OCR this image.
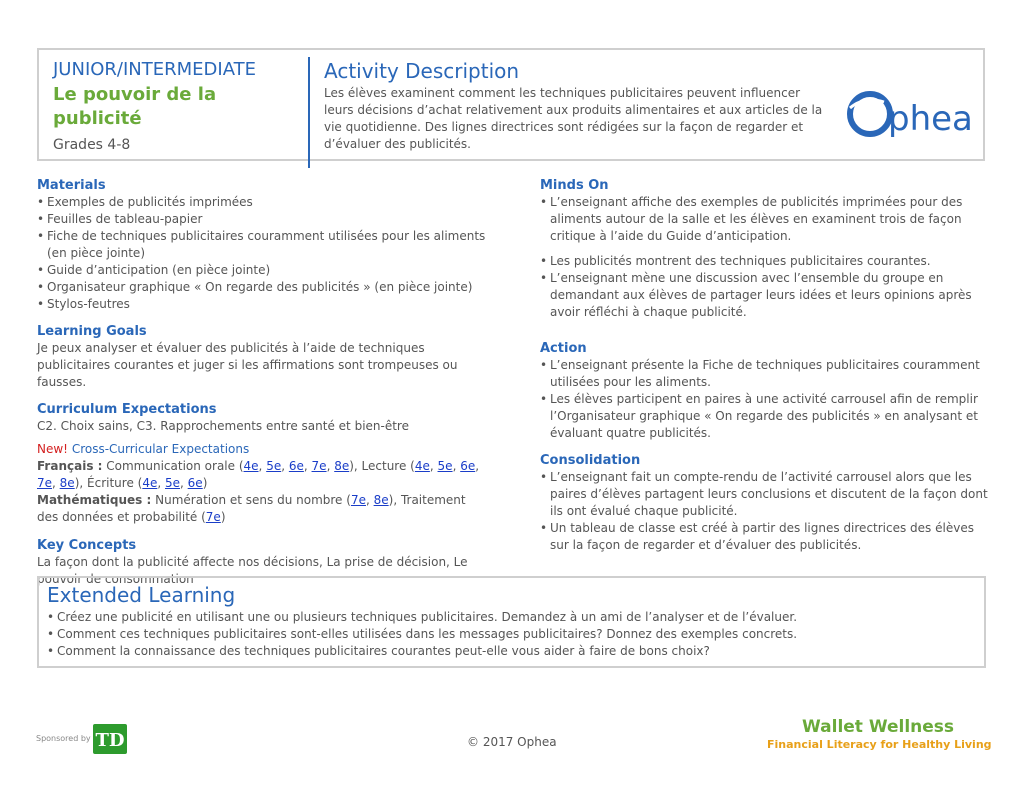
JUNIOR/INTERMEDIATE
Le pouvoir de la
publicité
Grades 4-8
Activity Description
Les élèves examinent comment les techniques publicitaires peuvent influencer leurs décisions d’achat relativement aux produits alimentaires et aux articles de la vie quotidienne. Des lignes directrices sont rédigées sur la façon de regarder et d’évaluer des publicités.
phea
Materials
• Exemples de publicités imprimées
• Feuilles de tableau-papier
• Fiche de techniques publicitaires couramment utilisées pour les aliments (en pièce jointe)
• Guide d’anticipation (en pièce jointe)
• Organisateur graphique « On regarde des publicités » (en pièce jointe)
• Stylos-feutres
Learning Goals
Je peux analyser et évaluer des publicités à l’aide de techniques publicitaires courantes et juger si les affirmations sont trompeuses ou fausses.
Curriculum Expectations
C2. Choix sains, C3. Rapprochements entre santé et bien-être
New! Cross-Curricular Expectations
Français : Communication orale (4e, 5e, 6e, 7e, 8e), Lecture (4e, 5e, 6e, 7e, 8e), Écriture (4e, 5e, 6e)
Mathématiques : Numération et sens du nombre (7e, 8e), Traitement des données et probabilité (7e)
Key Concepts
La façon dont la publicité affecte nos décisions, La prise de décision, Le pouvoir de consommation
Minds On
• L’enseignant affiche des exemples de publicités imprimées pour des aliments autour de la salle et les élèves en examinent trois de façon critique à l’aide du Guide d’anticipation.
• Les publicités montrent des techniques publicitaires courantes.
• L’enseignant mène une discussion avec l’ensemble du groupe en demandant aux élèves de partager leurs idées et leurs opinions après avoir réfléchi à chaque publicité.
Action
• L’enseignant présente la Fiche de techniques publicitaires couramment utilisées pour les aliments.
• Les élèves participent en paires à une activité carrousel afin de remplir l’Organisateur graphique « On regarde des publicités » en analysant et évaluant quatre publicités.
Consolidation
• L’enseignant fait un compte-rendu de l’activité carrousel alors que les paires d’élèves partagent leurs conclusions et discutent de la façon dont ils ont évalué chaque publicité.
• Un tableau de classe est créé à partir des lignes directrices des élèves sur la façon de regarder et d’évaluer des publicités.
Extended Learning
• Créez une publicité en utilisant une ou plusieurs techniques publicitaires. Demandez à un ami de l’analyser et de l’évaluer.
• Comment ces techniques publicitaires sont-elles utilisées dans les messages publicitaires? Donnez des exemples concrets.
• Comment la connaissance des techniques publicitaires courantes peut-elle vous aider à faire de bons choix?
Sponsored by TD	© 2017 Ophea
Wallet Wellness
Financial Literacy for Healthy Living
